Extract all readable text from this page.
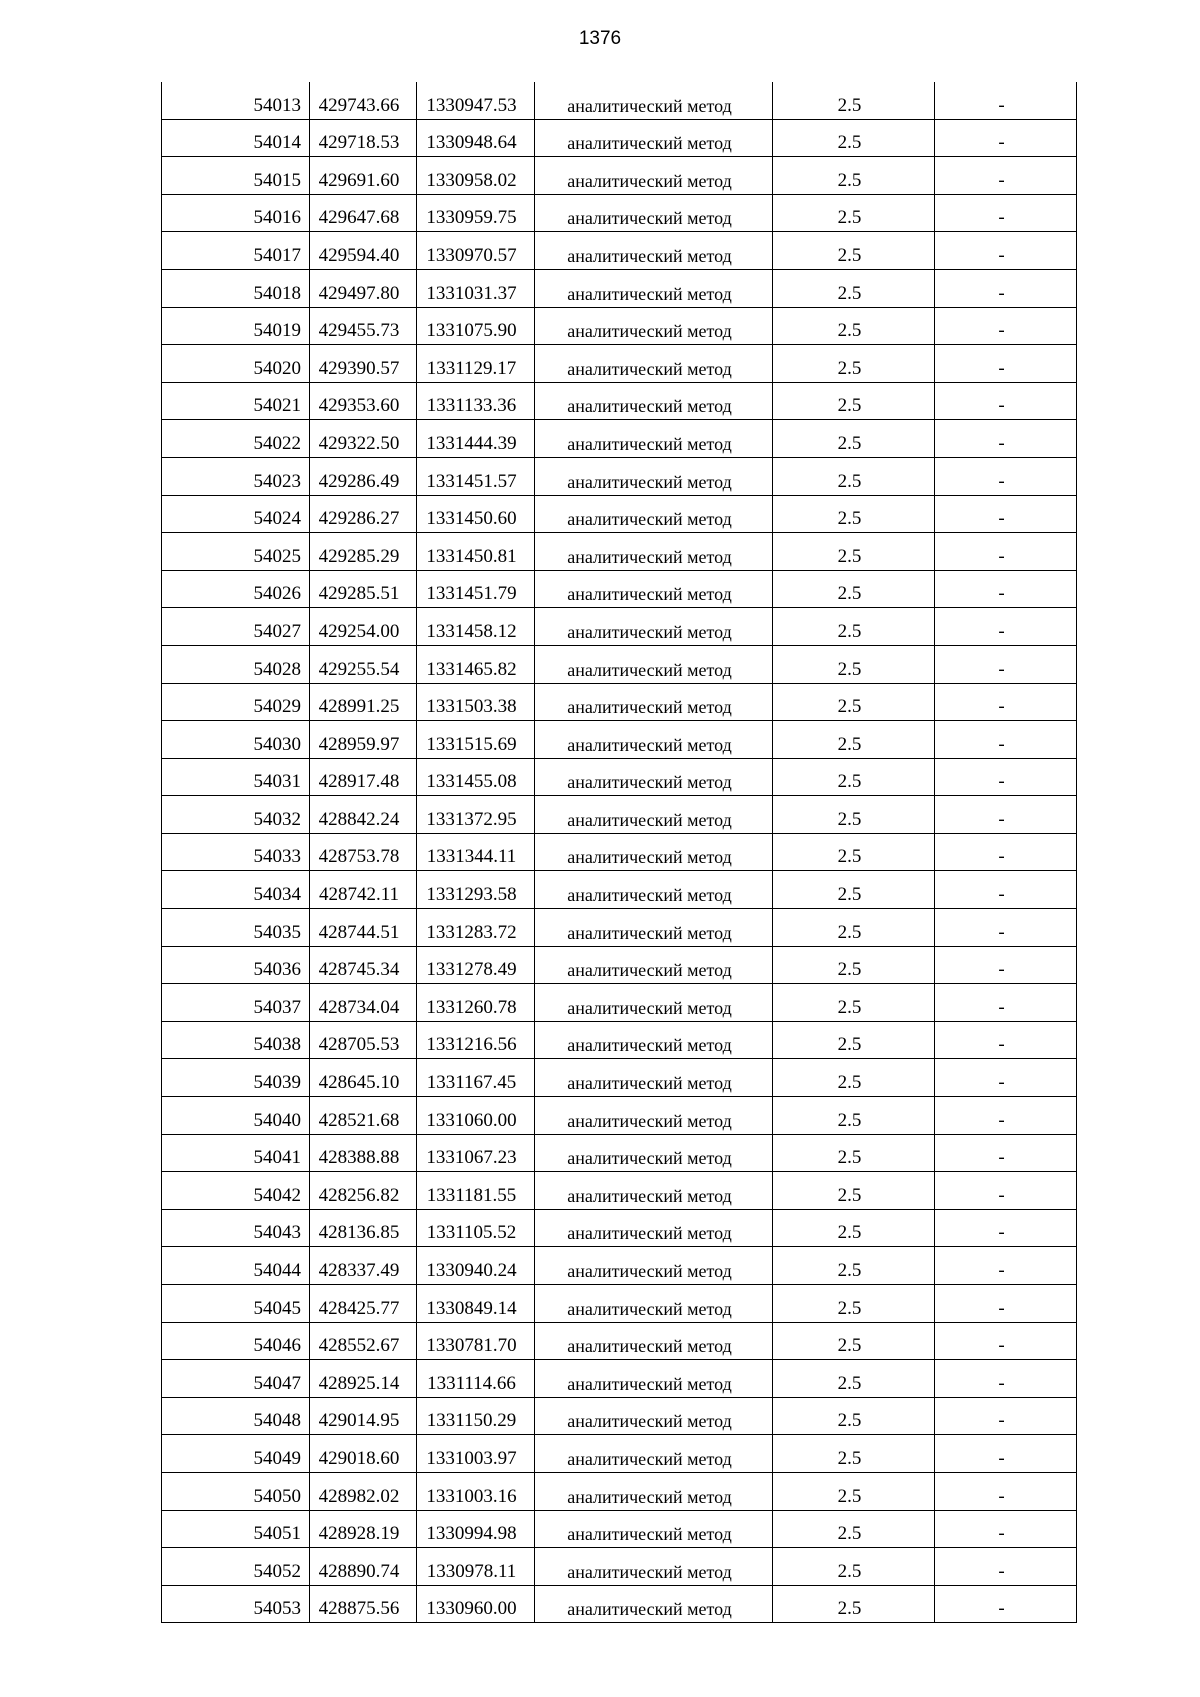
1376
54013	429743.66	1330947.53	аналитический метод	2.5	-
54014	429718.53	1330948.64	аналитический метод	2.5	-
54015	429691.60	1330958.02	аналитический метод	2.5	-
54016	429647.68	1330959.75	аналитический метод	2.5	-
54017	429594.40	1330970.57	аналитический метод	2.5	-
54018	429497.80	1331031.37	аналитический метод	2.5	-
54019	429455.73	1331075.90	аналитический метод	2.5	-
54020	429390.57	1331129.17	аналитический метод	2.5	-
54021	429353.60	1331133.36	аналитический метод	2.5	-
54022	429322.50	1331444.39	аналитический метод	2.5	-
54023	429286.49	1331451.57	аналитический метод	2.5	-
54024	429286.27	1331450.60	аналитический метод	2.5	-
54025	429285.29	1331450.81	аналитический метод	2.5	-
54026	429285.51	1331451.79	аналитический метод	2.5	-
54027	429254.00	1331458.12	аналитический метод	2.5	-
54028	429255.54	1331465.82	аналитический метод	2.5	-
54029	428991.25	1331503.38	аналитический метод	2.5	-
54030	428959.97	1331515.69	аналитический метод	2.5	-
54031	428917.48	1331455.08	аналитический метод	2.5	-
54032	428842.24	1331372.95	аналитический метод	2.5	-
54033	428753.78	1331344.11	аналитический метод	2.5	-
54034	428742.11	1331293.58	аналитический метод	2.5	-
54035	428744.51	1331283.72	аналитический метод	2.5	-
54036	428745.34	1331278.49	аналитический метод	2.5	-
54037	428734.04	1331260.78	аналитический метод	2.5	-
54038	428705.53	1331216.56	аналитический метод	2.5	-
54039	428645.10	1331167.45	аналитический метод	2.5	-
54040	428521.68	1331060.00	аналитический метод	2.5	-
54041	428388.88	1331067.23	аналитический метод	2.5	-
54042	428256.82	1331181.55	аналитический метод	2.5	-
54043	428136.85	1331105.52	аналитический метод	2.5	-
54044	428337.49	1330940.24	аналитический метод	2.5	-
54045	428425.77	1330849.14	аналитический метод	2.5	-
54046	428552.67	1330781.70	аналитический метод	2.5	-
54047	428925.14	1331114.66	аналитический метод	2.5	-
54048	429014.95	1331150.29	аналитический метод	2.5	-
54049	429018.60	1331003.97	аналитический метод	2.5	-
54050	428982.02	1331003.16	аналитический метод	2.5	-
54051	428928.19	1330994.98	аналитический метод	2.5	-
54052	428890.74	1330978.11	аналитический метод	2.5	-
54053	428875.56	1330960.00	аналитический метод	2.5	-
